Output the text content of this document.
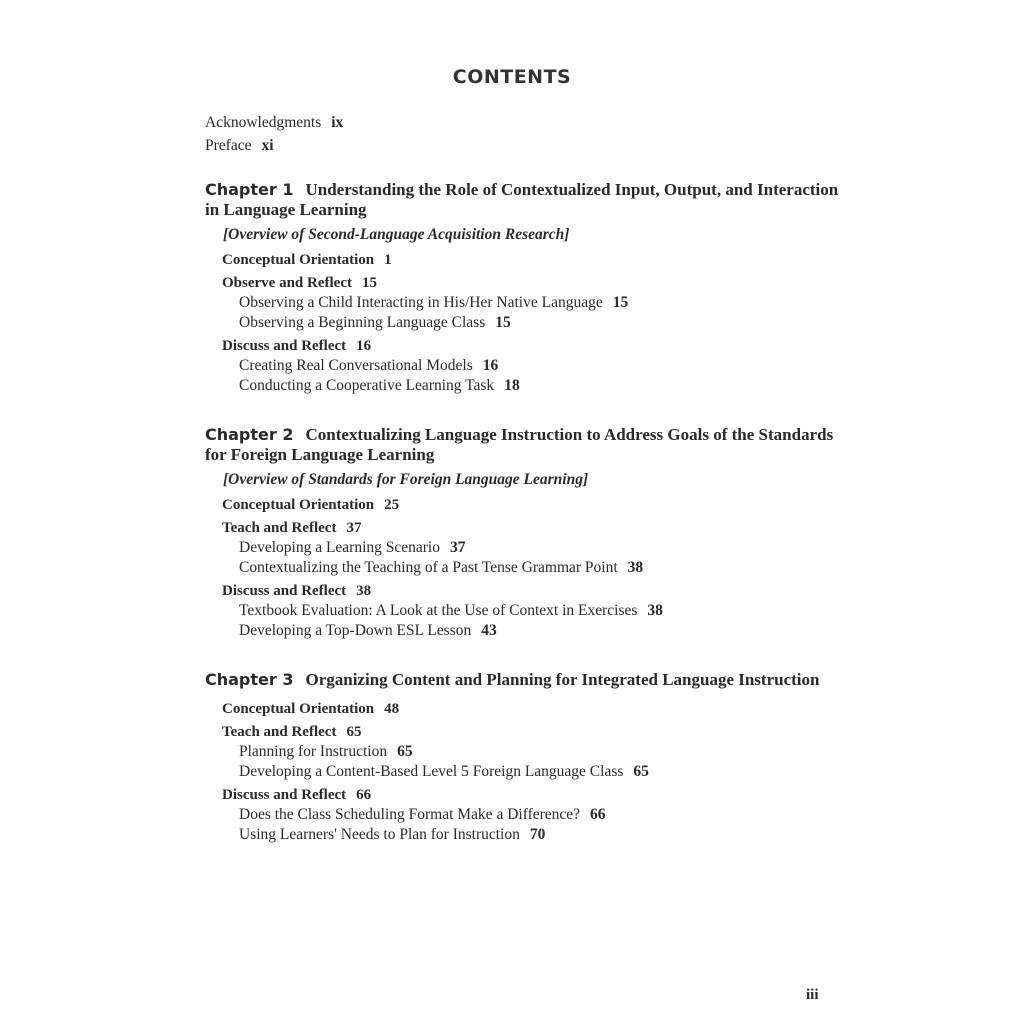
CONTENTS
Acknowledgments ix
Preface xi
Chapter 1 Understanding the Role of Contextualized Input, Output, and Interaction in Language Learning
[Overview of Second-Language Acquisition Research]
Conceptual Orientation 1
Observe and Reflect 15
Observing a Child Interacting in His/Her Native Language 15
Observing a Beginning Language Class 15
Discuss and Reflect 16
Creating Real Conversational Models 16
Conducting a Cooperative Learning Task 18
Chapter 2 Contextualizing Language Instruction to Address Goals of the Standards for Foreign Language Learning
[Overview of Standards for Foreign Language Learning]
Conceptual Orientation 25
Teach and Reflect 37
Developing a Learning Scenario 37
Contextualizing the Teaching of a Past Tense Grammar Point 38
Discuss and Reflect 38
Textbook Evaluation: A Look at the Use of Context in Exercises 38
Developing a Top-Down ESL Lesson 43
Chapter 3 Organizing Content and Planning for Integrated Language Instruction
Conceptual Orientation 48
Teach and Reflect 65
Planning for Instruction 65
Developing a Content-Based Level 5 Foreign Language Class 65
Discuss and Reflect 66
Does the Class Scheduling Format Make a Difference? 66
Using Learners' Needs to Plan for Instruction 70
iii
